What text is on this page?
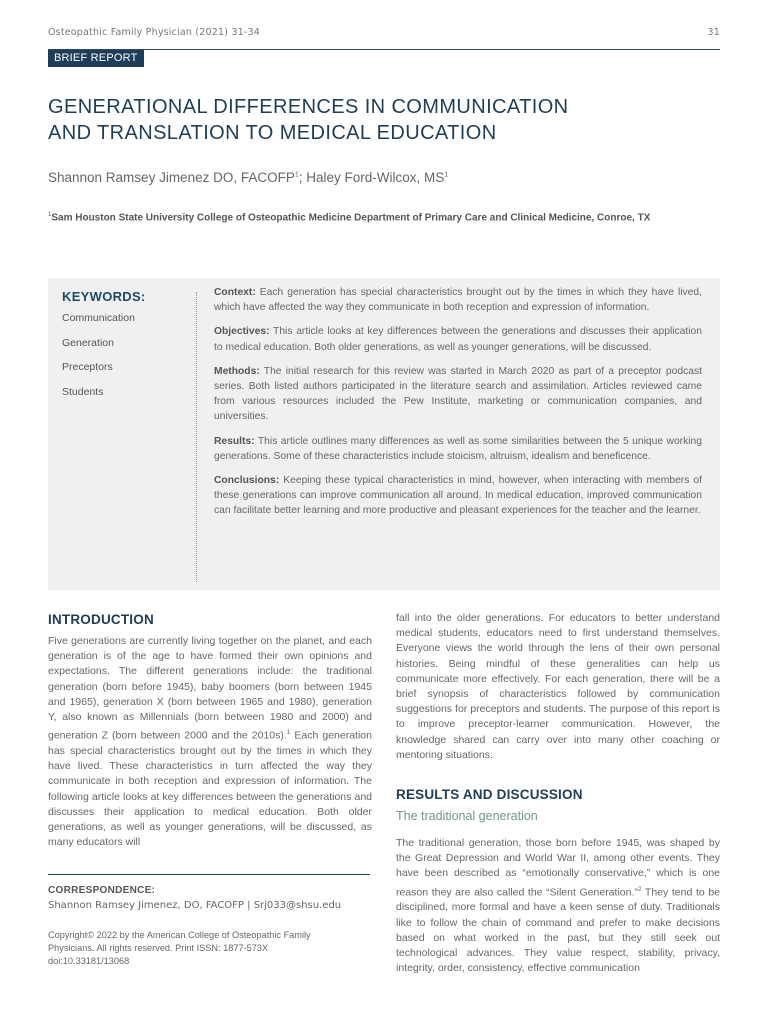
Osteopathic Family Physician (2021) 31-34	31
BRIEF REPORT
GENERATIONAL DIFFERENCES IN COMMUNICATION
AND TRANSLATION TO MEDICAL EDUCATION
Shannon Ramsey Jimenez DO, FACOFP$^1$; Haley Ford-Wilcox, $MS^1$
$^1$Sam Houston State University College of Osteopathic Medicine Department of Primary Care and Clinical Medicine, Conroe, TX
KEYWORDS:
Communication
Generation
Preceptors
Students

Context: Each generation has special characteristics brought out by the times in which they have lived, which have affected the way they communicate in both reception and expression of information.

Objectives: This article looks at key differences between the generations and discusses their application to medical education. Both older generations, as well as younger generations, will be discussed.

Methods: The initial research for this review was started in March 2020 as part of a preceptor podcast series. Both listed authors participated in the literature search and assimilation. Articles reviewed came from various resources included the Pew Institute, marketing or communication companies, and universities.

Results: This article outlines many differences as well as some similarities between the 5 unique working generations. Some of these characteristics include stoicism, altruism, idealism and beneficence.

Conclusions: Keeping these typical characteristics in mind, however, when interacting with members of these generations can improve communication all around. In medical education, improved communication can facilitate better learning and more productive and pleasant experiences for the teacher and the learner.

INTRODUCTION

Five generations are currently living together on the planet, and each generation is of the age to have formed their own opinions and expectations. The different generations include: the traditional generation (born before 1945), baby boomers (born between 1945 and 1965), generation X (born between 1965 and 1980), generation Y, also known as Millennials (born between 1980 and 2000) and generation Z (born between 2000 and the 2010s).$^1$ Each generation has special characteristics brought out by the times in which they have lived. These characteristics in turn affected the way they communicate in both reception and expression of information. The following article looks at key differences between the generations and discusses their application to medical education. Both older generations, as well as younger generations, will be discussed, as many educators will

fall into the older generations. For educators to better understand medical students, educators need to first understand themselves. Everyone views the world through the lens of their own personal histories. Being mindful of these generalities can help us communicate more effectively. For each generation, there will be a brief synopsis of characteristics followed by communication suggestions for preceptors and students. The purpose of this report is to improve preceptor-learner communication. However, the knowledge shared can carry over into many other coaching or mentoring situations.

RESULTS AND DISCUSSION
The traditional generation

The traditional generation, those born before 1945, was shaped by the Great Depression and World War II, among other events. They have been described as “emotionally conservative,” which is one reason they are also called the “Silent Generation.”$^2$ They tend to be disciplined, more formal and have a keen sense of duty. Traditionals like to follow the chain of command and prefer to make decisions based on what worked in the past, but they still seek out technological advances. They value respect, stability, privacy, integrity, order, consistency, effective communication

CORRESPONDENCE:
Shannon Ramsey Jimenez, DO, FACOFP | Srj033@shsu.edu
Copyright© 2022 by the American College of Osteopathic Family
Physicians. All rights reserved. Print ISSN: 1877-573X
doi:10.33181/13068
